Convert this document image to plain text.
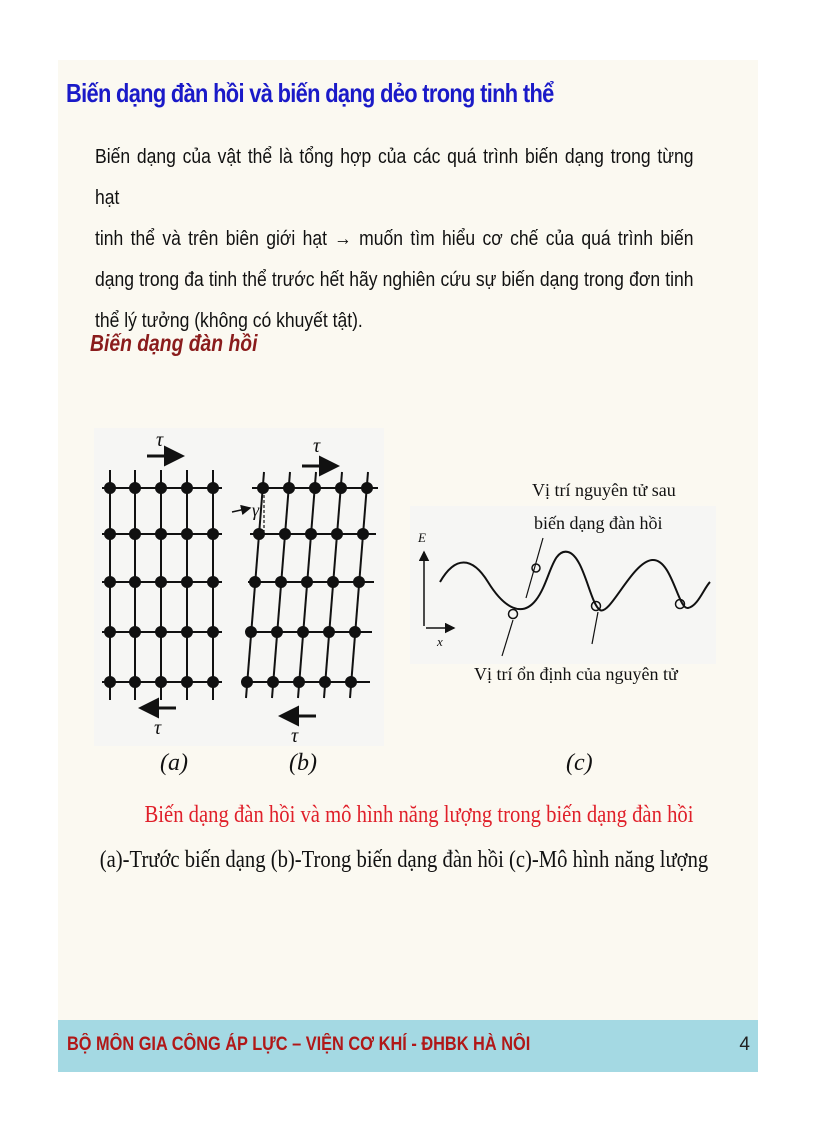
Biến dạng đàn hồi và biến dạng dẻo trong tinh thể
Biến dạng của vật thể là tổng hợp của các quá trình biến dạng trong từng hạt
tinh thể và trên biên giới hạt → muốn tìm hiểu cơ chế của quá trình biến
dạng trong đa tinh thể trước hết hãy nghiên cứu sự biến dạng trong đơn tinh
thể lý tưởng (không có khuyết tật).
Biến dạng đàn hồi
τ
τ
τ
τ
γ
E
x
Vị trí nguyên tử sau
biến dạng đàn hồi
Vị trí ổn định của nguyên tử
(a)	(b)	(c)
Biến dạng đàn hồi và mô hình năng lượng trong biến dạng đàn hồi
(a)-Trước biến dạng (b)-Trong biến dạng đàn hồi (c)-Mô hình năng lượng
BỘ MÔN GIA CÔNG ÁP LỰC – VIỆN CƠ KHÍ - ĐHBK HÀ NÔI	4
